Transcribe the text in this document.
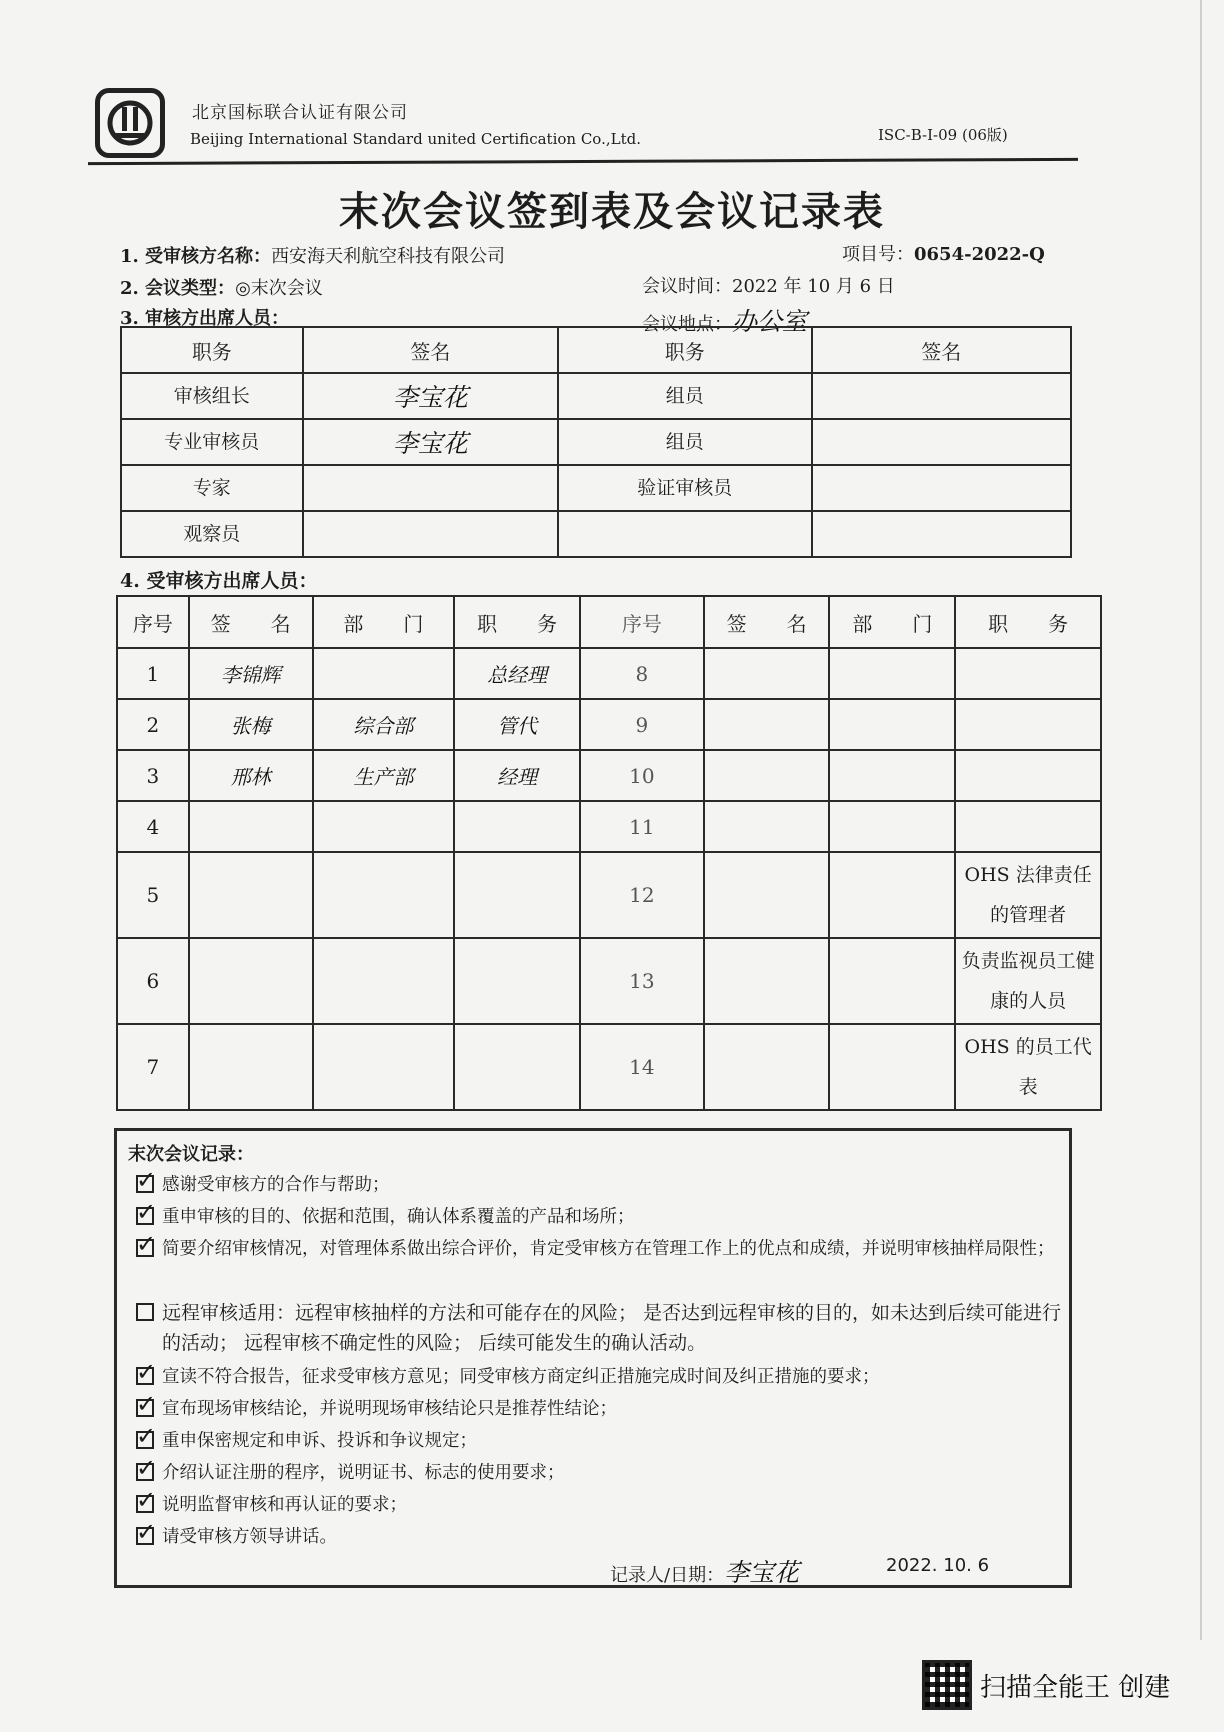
北京国标联合认证有限公司
Beijing International Standard united Certification Co.,Ltd.	ISC-B-I-09 (06版)
末次会议签到表及会议记录表
1. 受审核方名称：西安海天利航空科技有限公司	项目号：0654-2022-Q
2. 会议类型：◎末次会议	会议时间：2022 年 10 月 6 日
3. 审核方出席人员：	会议地点：办公室
职务	签名	职务	签名
审核组长	李宝花	组员	
专业审核员	李宝花	组员	
专家		验证审核员	
观察员			
4. 受审核方出席人员：
序号	签　　名	部　　门	职　　务	序号	签　　名	部　　门	职　　务
1	李锦辉		总经理	8			
2	张梅	综合部	管代	9			
3	邢林	生产部	经理	10			
4				11			
5				12			OHS 法律责任的管理者
6				13			负责监视员工健康的人员
7				14			OHS 的员工代表
末次会议记录：
✓
感谢受审核方的合作与帮助；
✓
重申审核的目的、依据和范围，确认体系覆盖的产品和场所；
✓
简要介绍审核情况，对管理体系做出综合评价，肯定受审核方在管理工作上的优点和成绩，并说明审核抽样局限性；
远程审核适用：远程审核抽样的方法和可能存在的风险； 是否达到远程审核的目的，如未达到后续可能进行的活动； 远程审核不确定性的风险； 后续可能发生的确认活动。
✓
宣读不符合报告，征求受审核方意见；同受审核方商定纠正措施完成时间及纠正措施的要求；
✓
宣布现场审核结论，并说明现场审核结论只是推荐性结论；
✓
重申保密规定和申诉、投诉和争议规定；
✓
介绍认证注册的程序，说明证书、标志的使用要求；
✓
说明监督审核和再认证的要求；
✓
请受审核方领导讲话。
记录人/日期：李宝花	2022. 10. 6
扫描全能王 创建
